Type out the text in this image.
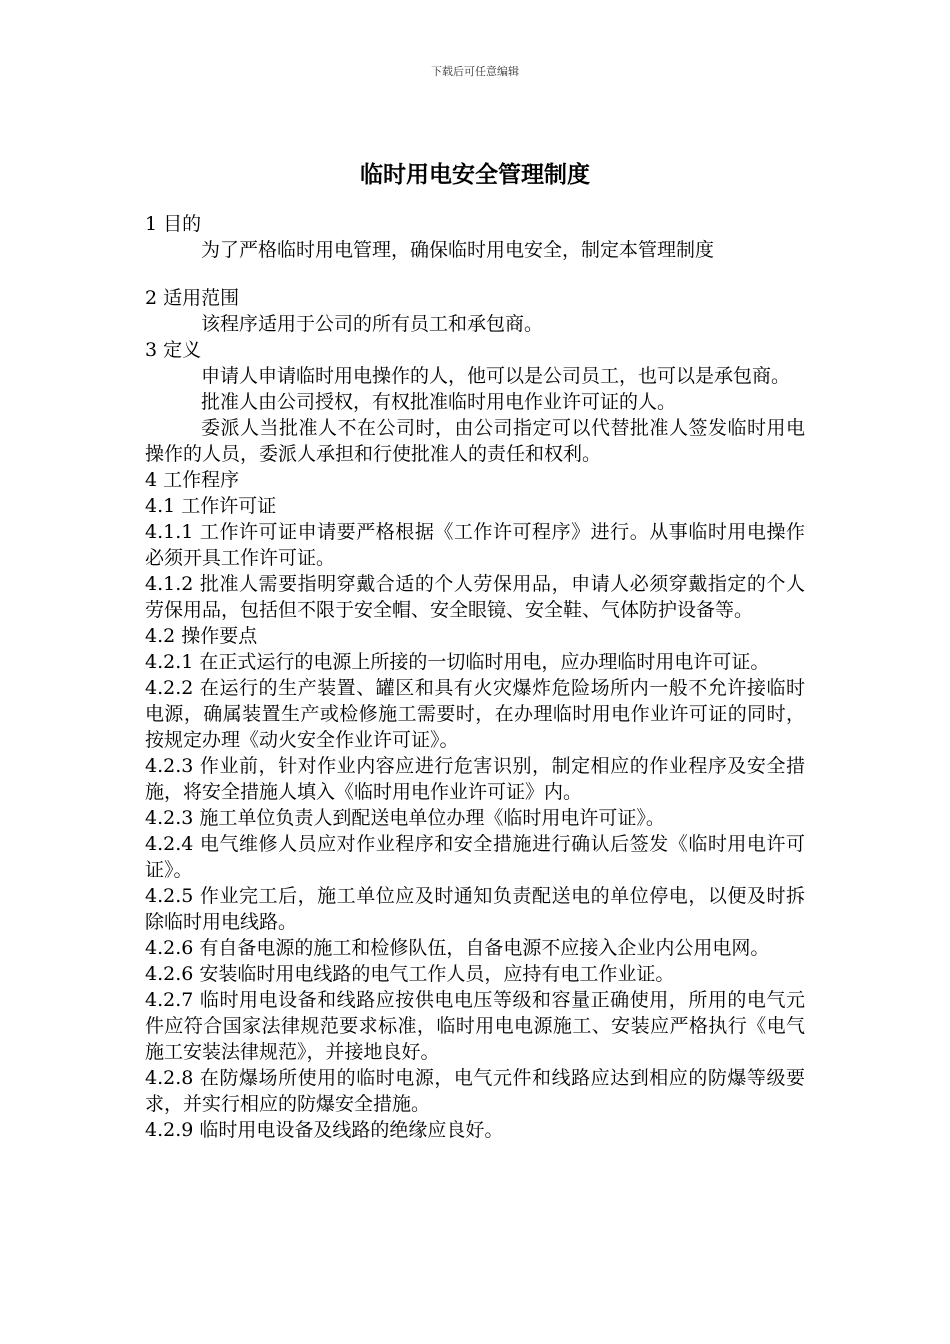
下载后可任意编辑
临时用电安全管理制度

1 目的

为了严格临时用电管理，确保临时用电安全，制定本管理制度

2 适用范围

该程序适用于公司的所有员工和承包商。

3 定义

申请人申请临时用电操作的人，他可以是公司员工，也可以是承包商。

批准人由公司授权，有权批准临时用电作业许可证的人。

委派人当批准人不在公司时，由公司指定可以代替批准人签发临时用电操作的人员，委派人承担和行使批准人的责任和权利。

4 工作程序

4.1 工作许可证

4.1.1 工作许可证申请要严格根据《工作许可程序》进行。从事临时用电操作必须开具工作许可证。

4.1.2 批准人需要指明穿戴合适的个人劳保用品，申请人必须穿戴指定的个人劳保用品，包括但不限于安全帽、安全眼镜、安全鞋、气体防护设备等。

4.2 操作要点

4.2.1 在正式运行的电源上所接的一切临时用电，应办理临时用电许可证。

4.2.2 在运行的生产装置、罐区和具有火灾爆炸危险场所内一般不允许接临时电源，确属装置生产或检修施工需要时，在办理临时用电作业许可证的同时，按规定办理《动火安全作业许可证》。

4.2.3 作业前，针对作业内容应进行危害识别，制定相应的作业程序及安全措施，将安全措施人填入《临时用电作业许可证》内。

4.2.3 施工单位负责人到配送电单位办理《临时用电许可证》。

4.2.4 电气维修人员应对作业程序和安全措施进行确认后签发《临时用电许可证》。

4.2.5 作业完工后，施工单位应及时通知负责配送电的单位停电，以便及时拆除临时用电线路。

4.2.6 有自备电源的施工和检修队伍，自备电源不应接入企业内公用电网。

4.2.6 安装临时用电线路的电气工作人员，应持有电工作业证。

4.2.7 临时用电设备和线路应按供电电压等级和容量正确使用，所用的电气元件应符合国家法律规范要求标准，临时用电电源施工、安装应严格执行《电气施工安装法律规范》，并接地良好。

4.2.8 在防爆场所使用的临时电源，电气元件和线路应达到相应的防爆等级要求，并实行相应的防爆安全措施。

4.2.9 临时用电设备及线路的绝缘应良好。
